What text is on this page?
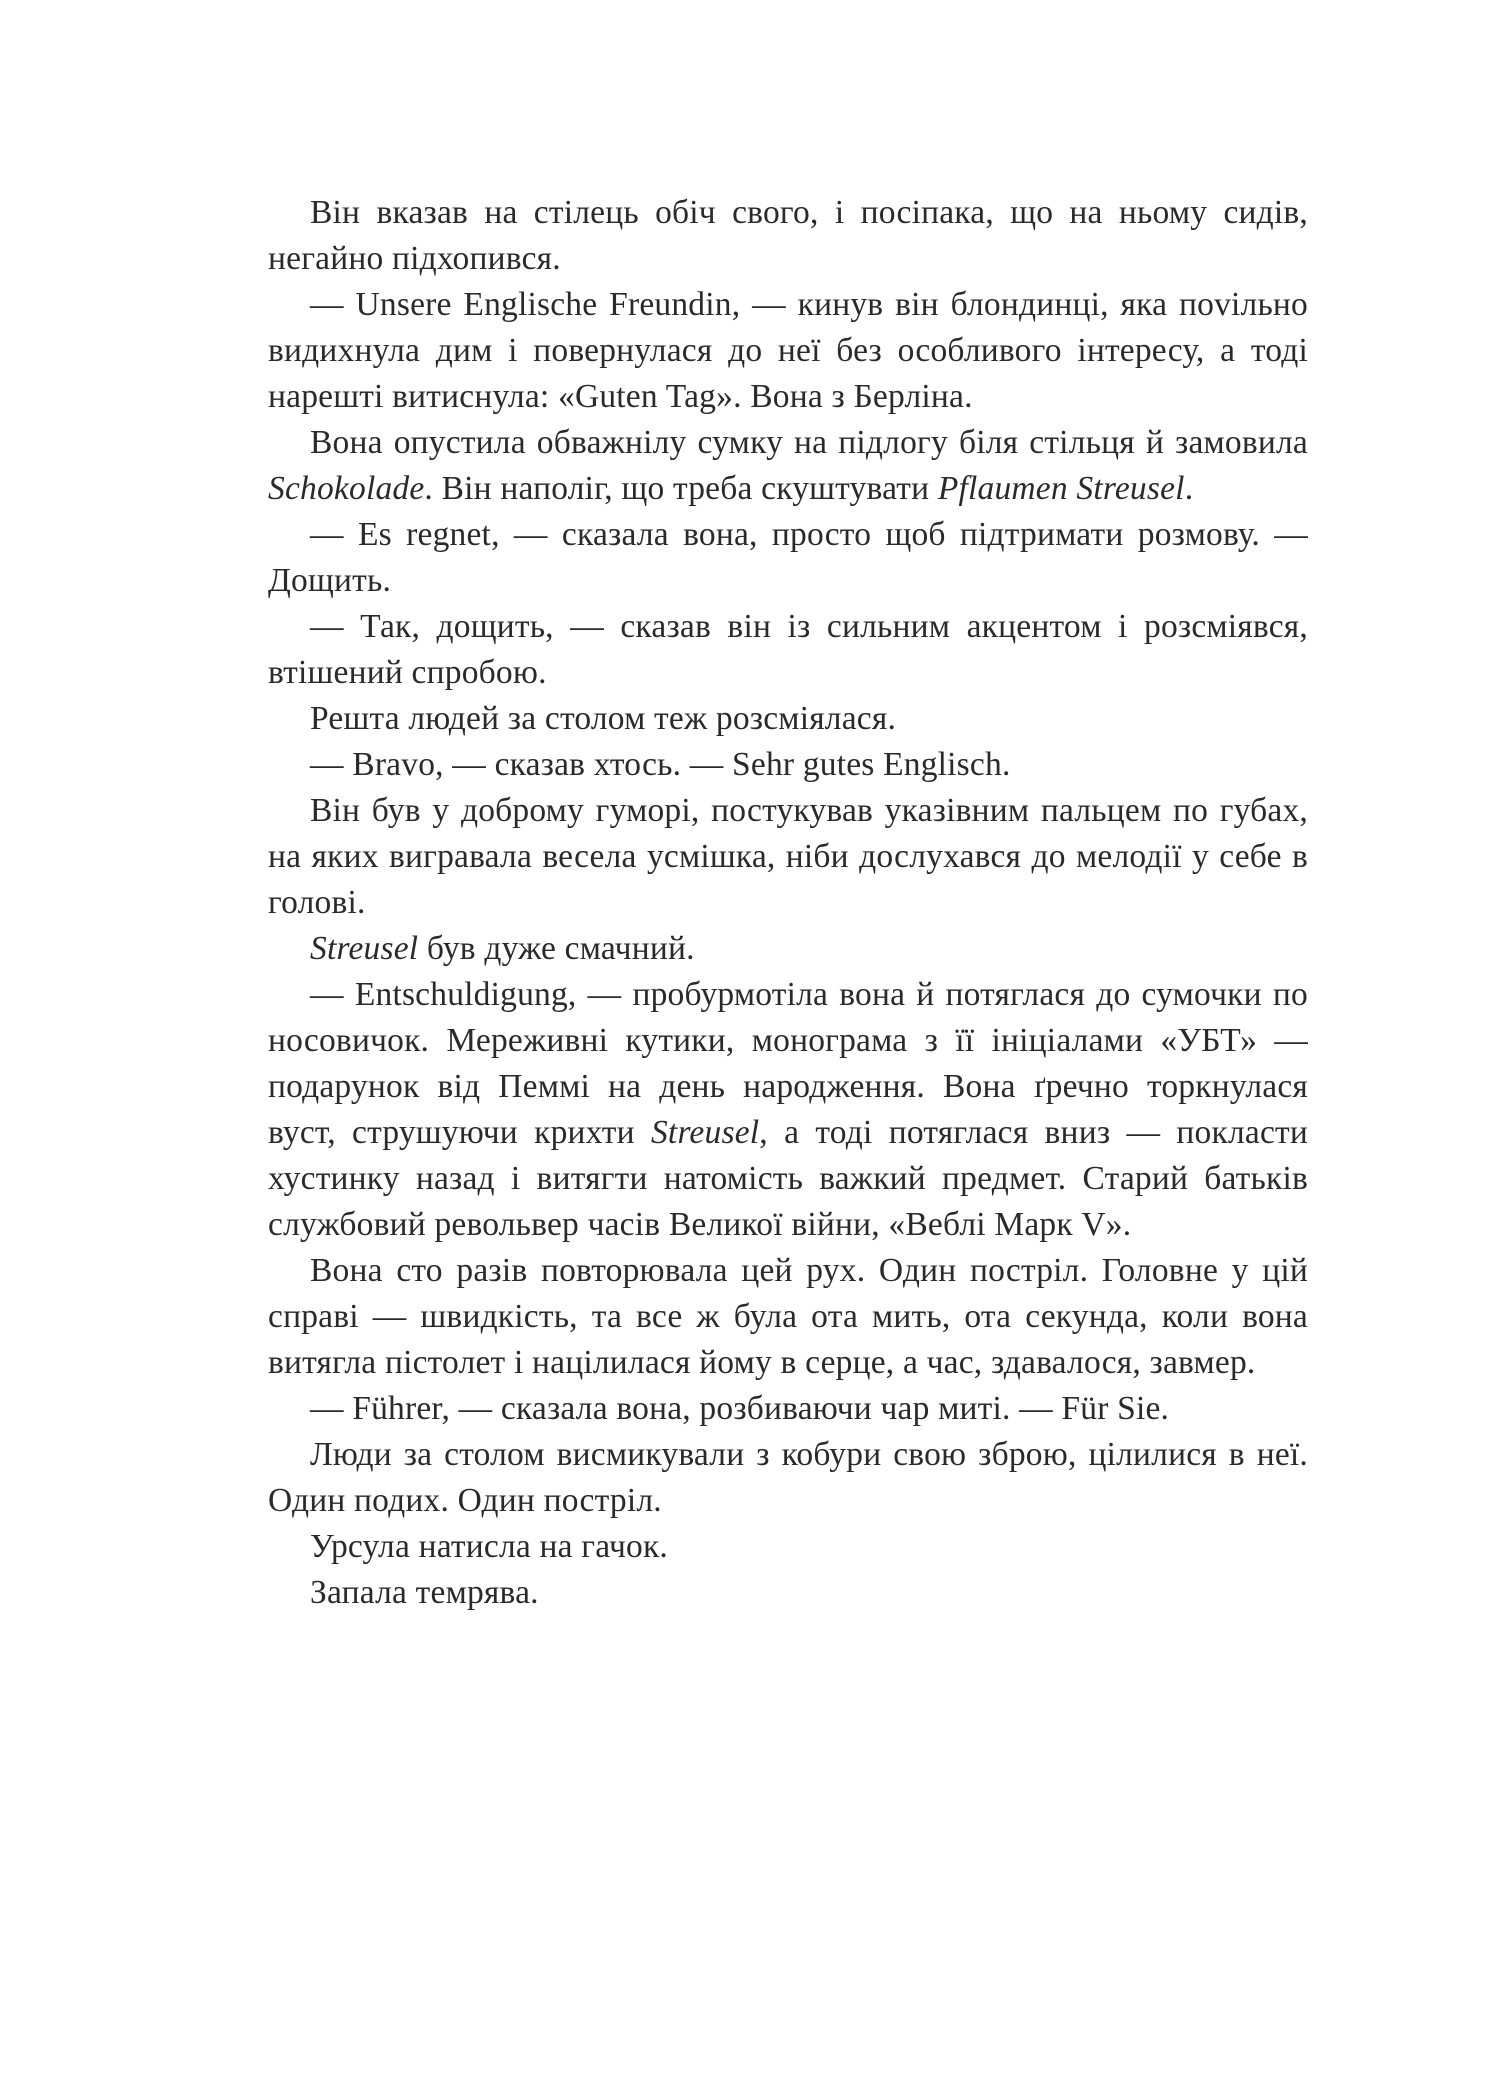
Він вказав на стілець обіч свого, і посіпака, що на ньому сидів, негайно підхопився.

— Unsere Englische Freundin, — кинув він блондинці, яка поvільно видихнула дим і повернулася до неї без особливого інтересу, а тоді нарешті витиснула: «Guten Tag». Вона з Берліна.

Вона опустила обважнілу сумку на підлогу біля стільця й замовила Schokolade. Він наполіг, що треба скуштувати Pflaumen Streusel.

— Es regnet, — сказала вона, просто щоб підтримати розмову. — Дощить.

— Так, дощить, — сказав він із сильним акцентом і розсміявся, втішений спробою.

Решта людей за столом теж розсміялася.

— Bravo, — сказав хтось. — Sehr gutes Englisch.

Він був у доброму гуморі, постукував указівним пальцем по губах, на яких вигравала весела усмішка, ніби дослухався до мелодії у себе в голові.

Streusel був дуже смачний.

— Entschuldigung, — пробурмотіла вона й потяглася до сумочки по носовичок. Мереживні кутики, монограма з її ініціалами «УБТ» — подарунок від Пеммі на день народження. Вона ґречно торкнулася вуст, струшуючи крихти Streusel, а тоді потяглася вниз — покласти хустинку назад і витягти натомість важкий предмет. Старий батьків службовий револьвер часів Великої війни, «Веблі Марк V».

Вона сто разів повторювала цей рух. Один постріл. Головне у цій справі — швидкість, та все ж була ота мить, ота секунда, коли вона витягла пістолет і націлилася йому в серце, а час, здавалося, завмер.

— Führer, — сказала вона, розбиваючи чар миті. — Für Sie.

Люди за столом висмикували з кобури свою зброю, цілилися в неї. Один подих. Один постріл.

Урсула натисла на гачок.

Запала темрява.
